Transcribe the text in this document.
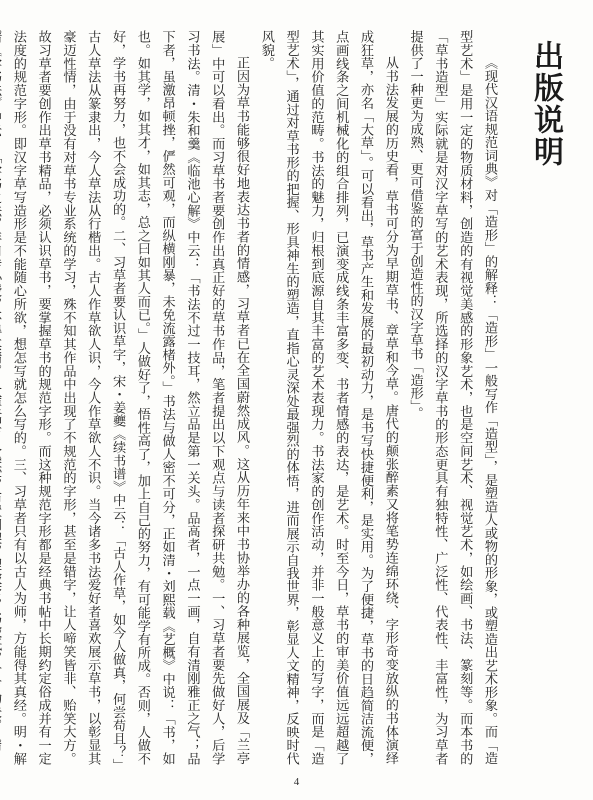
出版说明

《现代汉语规范词典》对「造形」的解释：「造形」一般写作「造型」，是塑造人或物的形象，或塑造出艺术形象。而「造型艺术」是用一定的物质材料，创造的有视觉美感的形象艺术，也是空间艺术、视觉艺术，如绘画、书法、篆刻等。而本书的「草书造型」实际就是对汉字草写的艺术表现，所选择的汉字草书的形态更具有独特性、广泛性、代表性、丰富性，为习草者提供了一种更为成熟、更可借鉴的富于创造性的汉字草书「造形」。

从书法发展的历史看，草书可分为早期草书、章草和今草。唐代的颠张醉素又将笔势连绵环绕、字形奇变放纵的书体演绎成狂草，亦名「大草」。可以看出，草书产生和发展的最初动力，是书写快捷便利，是实用。为了便捷，草书的日趋简洁流便，点画线条之间机械化的组合排列，已演变成线条丰富多变、书者情感的表达，是艺术。时至今日，草书的审美价值远远超越了其实用价值的范畴。书法的魅力，归根到底源自其丰富的艺术表现力。书法家的创作活动，并非一般意义上的写字，而是「造型艺术」，通过对草书形的把握、形具神生的塑造，直指心灵深处最强烈的体悟，进而展示自我世界，彰显人文精神，反映时代风貌。

正因为草书能够很好地表达书者的情感，习草者已在全国蔚然成风。这从历年来中书协举办的各种展览，全国展及「兰亭展」中可以看出。而习草书者要创作出真正好的草书作品，笔者提出以下观点与读者探研共勉。一、习草者要先做好人，后学习书法。清・朱和羹《临池心解》中云：「书法不过一技耳，然立品是第一关头。品高者，一点一画，自有清刚雅正之气；品下者，虽激昂顿挫，俨然可观，而纵横刚暴，未免流露楮外。」书法与做人密不可分，正如清・刘熙载《艺概》中说：「书，如也。如其学，如其才，如其志，总之曰如其人而已。」人做好了，悟性高了，加上自己的努力，有可能学有所成。否则，人做不好，学书再努力，也不会成功的。二、习草者要认识草字，宋・姜夔《续书谱》中云：「古人作草，如今人做真，何尝苟且？」古人草法从篆隶出，今人草法从行楷出。古人作草欲人识，今人作草欲人不识。当今诸多书法爱好者喜欢展示草书，以彰显其豪迈性情，由于没有对草书专业系统的学习，殊不知其作品中出现了不规范的字形，甚至是错字，让人啼笑皆非、贻笑大方。故习草者要创作出草书精品，必须认识草书，要掌握草书的规范字形。而这种规范字形都是经典书帖中长期约定俗成并有一定法度的规范字形。即汉字草写造形是不能随心所欲，想怎写就怎么写的。三、习草者只有以古人为师，方能得其真经。明・解

4
